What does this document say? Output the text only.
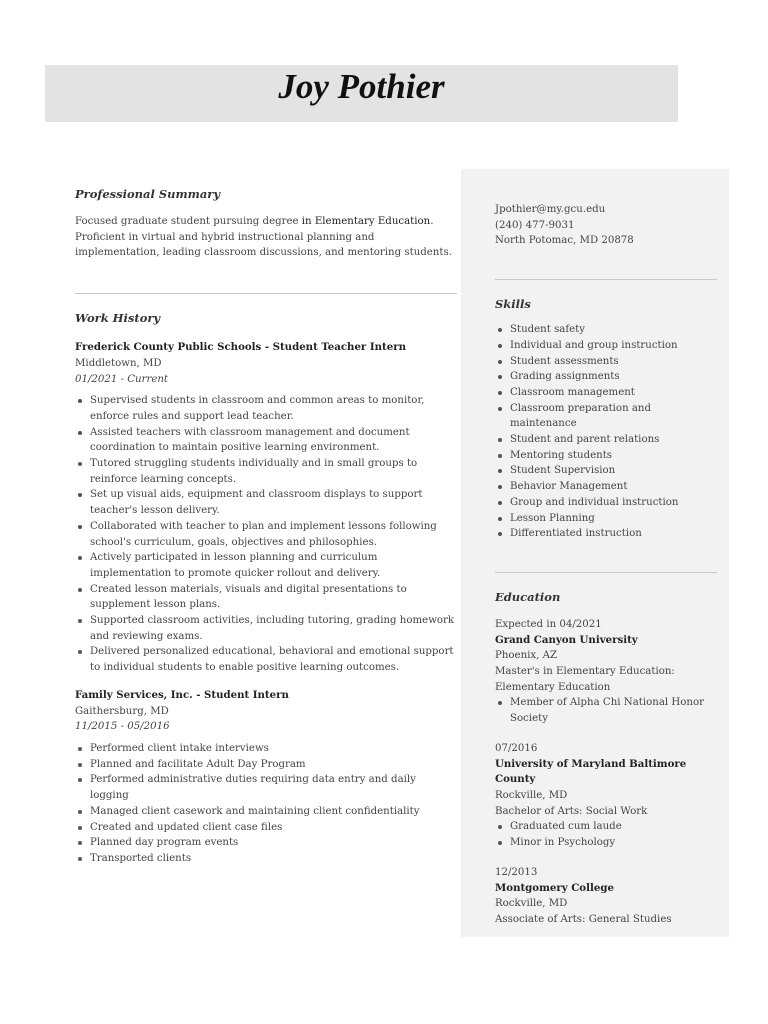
Joy Pothier
Professional Summary

Focused graduate student pursuing degree in Elementary Education. Proficient in virtual and hybrid instructional planning and implementation, leading classroom discussions, and mentoring students.

Work History

Frederick County Public Schools - Student Teacher Intern

Middletown, MD

01/2021 - Current

Supervised students in classroom and common areas to monitor, enforce rules and support lead teacher.
Assisted teachers with classroom management and document coordination to maintain positive learning environment.
Tutored struggling students individually and in small groups to reinforce learning concepts.
Set up visual aids, equipment and classroom displays to support teacher's lesson delivery.
Collaborated with teacher to plan and implement lessons following school's curriculum, goals, objectives and philosophies.
Actively participated in lesson planning and curriculum implementation to promote quicker rollout and delivery.
Created lesson materials, visuals and digital presentations to supplement lesson plans.
Supported classroom activities, including tutoring, grading homework and reviewing exams.
Delivered personalized educational, behavioral and emotional support to individual students to enable positive learning outcomes.

Family Services, Inc. - Student Intern

Gaithersburg, MD

11/2015 - 05/2016

Performed client intake interviews
Planned and facilitate Adult Day Program
Performed administrative duties requiring data entry and daily logging
Managed client casework and maintaining client confidentiality
Created and updated client case files
Planned day program events
Transported clients

Jpothier@my.gcu.edu

(240) 477-9031

North Potomac, MD 20878

Skills
Student safety
Individual and group instruction
Student assessments
Grading assignments
Classroom management
Classroom preparation and maintenance
Student and parent relations
Mentoring students
Student Supervision
Behavior Management
Group and individual instruction
Lesson Planning
Differentiated instruction
Education

Expected in 04/2021

Grand Canyon University

Phoenix, AZ

Master's in Elementary Education: Elementary Education

Member of Alpha Chi National Honor Society

07/2016

University of Maryland Baltimore County

Rockville, MD

Bachelor of Arts: Social Work

Graduated cum laude
Minor in Psychology

12/2013

Montgomery College

Rockville, MD

Associate of Arts: General Studies
